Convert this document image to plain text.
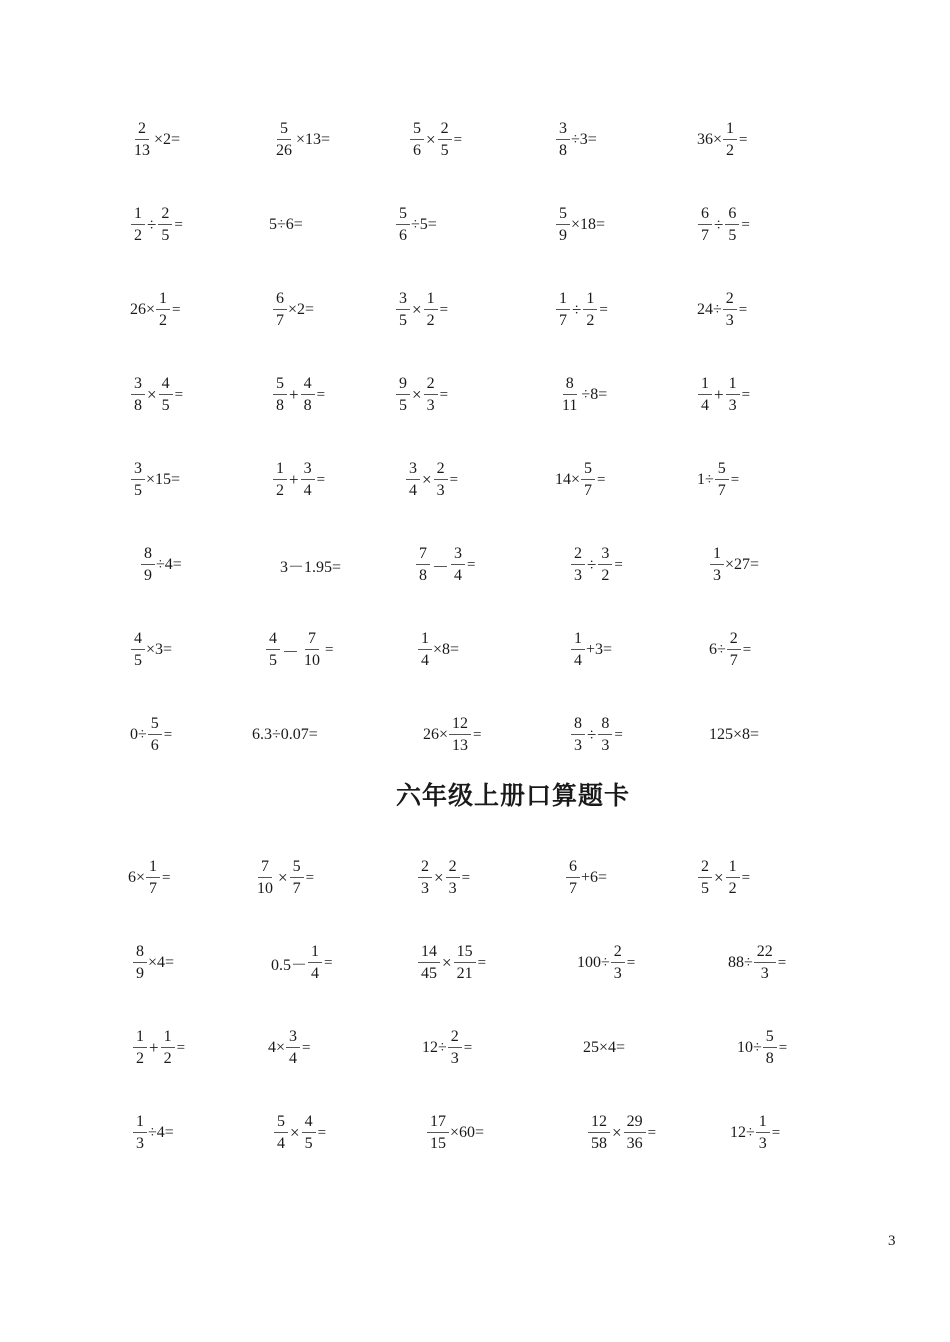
六年级上册口算题卡
$\frac{2}{13} \times 2=$	$\frac{5}{26} \times 13=$	$\frac{5}{6} \times \frac{2}{5}$ =	$\frac{3}{8} \div 3=$	$36\times \frac{1}{2}$ =
$\frac{1}{2} \div \frac{2}{5}$ =	5÷6=	$\frac{5}{6} \div 5=$	$\frac{5}{9} \times 18=$	$\frac{6}{7} \div \frac{6}{5}$ =
$26\times \frac{1}{2}$ =	$\frac{6}{7} \times 2=$	$\frac{3}{5} \times \frac{1}{2}$ =	$\frac{1}{7} \div \frac{1}{2}$ =	$24\div \frac{2}{3}$ =
$\frac{3}{8} \times \frac{4}{5}$ =	$\frac{5}{8} + \frac{4}{8}$ =	$\frac{9}{5} \times \frac{2}{3}$ =	$\frac{8}{11} \div 8=$	$\frac{1}{4} + \frac{1}{3}$ =
$\frac{3}{5} \times 15=$	$\frac{1}{2} + \frac{3}{4}$ =	$\frac{3}{4} \times \frac{2}{3}$ =	$14\times \frac{5}{7}$ =	$1\div \frac{5}{7}$ =
$\frac{8}{9} \div 4=$	3－1.95=	$\frac{7}{8} - \frac{3}{4}$ =	$\frac{2}{3} \div \frac{3}{2}$ =	$\frac{1}{3} \times 27=$
$\frac{4}{5} \times 3=$	$\frac{4}{5} - \frac{7}{10}$ =	$\frac{1}{4} \times 8=$	$\frac{1}{4} +3=$	$6\div \frac{2}{7}$ =
$0\div \frac{5}{6}$ =	6.3÷0.07=	$26\times \frac{12}{13}$ =	$\frac{8}{3} \div \frac{8}{3}$ =	125×8=
$6\times \frac{1}{7}$ =	$\frac{7}{10} \times \frac{5}{7}$ =	$\frac{2}{3} \times \frac{2}{3}$ =	$\frac{6}{7} +6=$	$\frac{2}{5} \times \frac{1}{2}$ =
$\frac{8}{9} \times 4=$	$0.5- \frac{1}{4}$ =	$\frac{14}{45} \times \frac{15}{21}$ =	$100\div \frac{2}{3}$ =	$88\div \frac{22}{3}$ =
$\frac{1}{2} + \frac{1}{2}$ =	$4\times \frac{3}{4}$ =	$12\div \frac{2}{3}$ =	25×4=	$10\div \frac{5}{8}$ =
$\frac{1}{3} \div 4=$	$\frac{5}{4} \times \frac{4}{5}$ =	$\frac{17}{15} \times 60=$	$\frac{12}{58} \times \frac{29}{36}$ =	$12\div \frac{1}{3}$ =
3
